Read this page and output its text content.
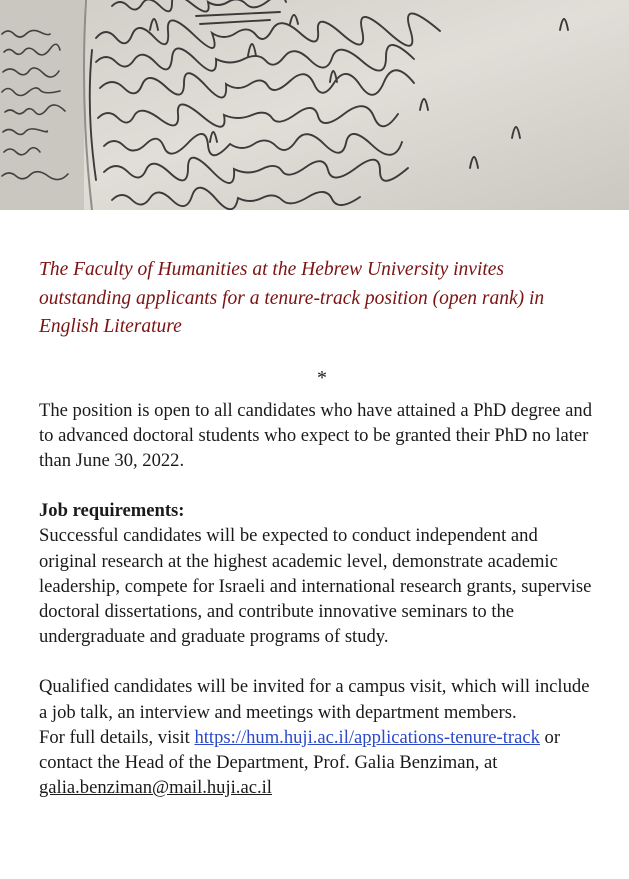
The Faculty of Humanities at the Hebrew University invites outstanding applicants for a tenure-track position (open rank) in English Literature
*

The position is open to all candidates who have attained a PhD degree and to advanced doctoral students who expect to be granted their PhD no later than June 30, 2022.

Job requirements:

Successful candidates will be expected to conduct independent and original research at the highest academic level, demonstrate academic leadership, compete for Israeli and international research grants, supervise doctoral dissertations, and contribute innovative seminars to the undergraduate and graduate programs of study.

Qualified candidates will be invited for a campus visit, which will include a job talk, an interview and meetings with department members.

For full details, visit https://hum.huji.ac.il/applications-tenure-track or contact the Head of the Department, Prof. Galia Benziman, at galia.benziman@mail.huji.ac.il
